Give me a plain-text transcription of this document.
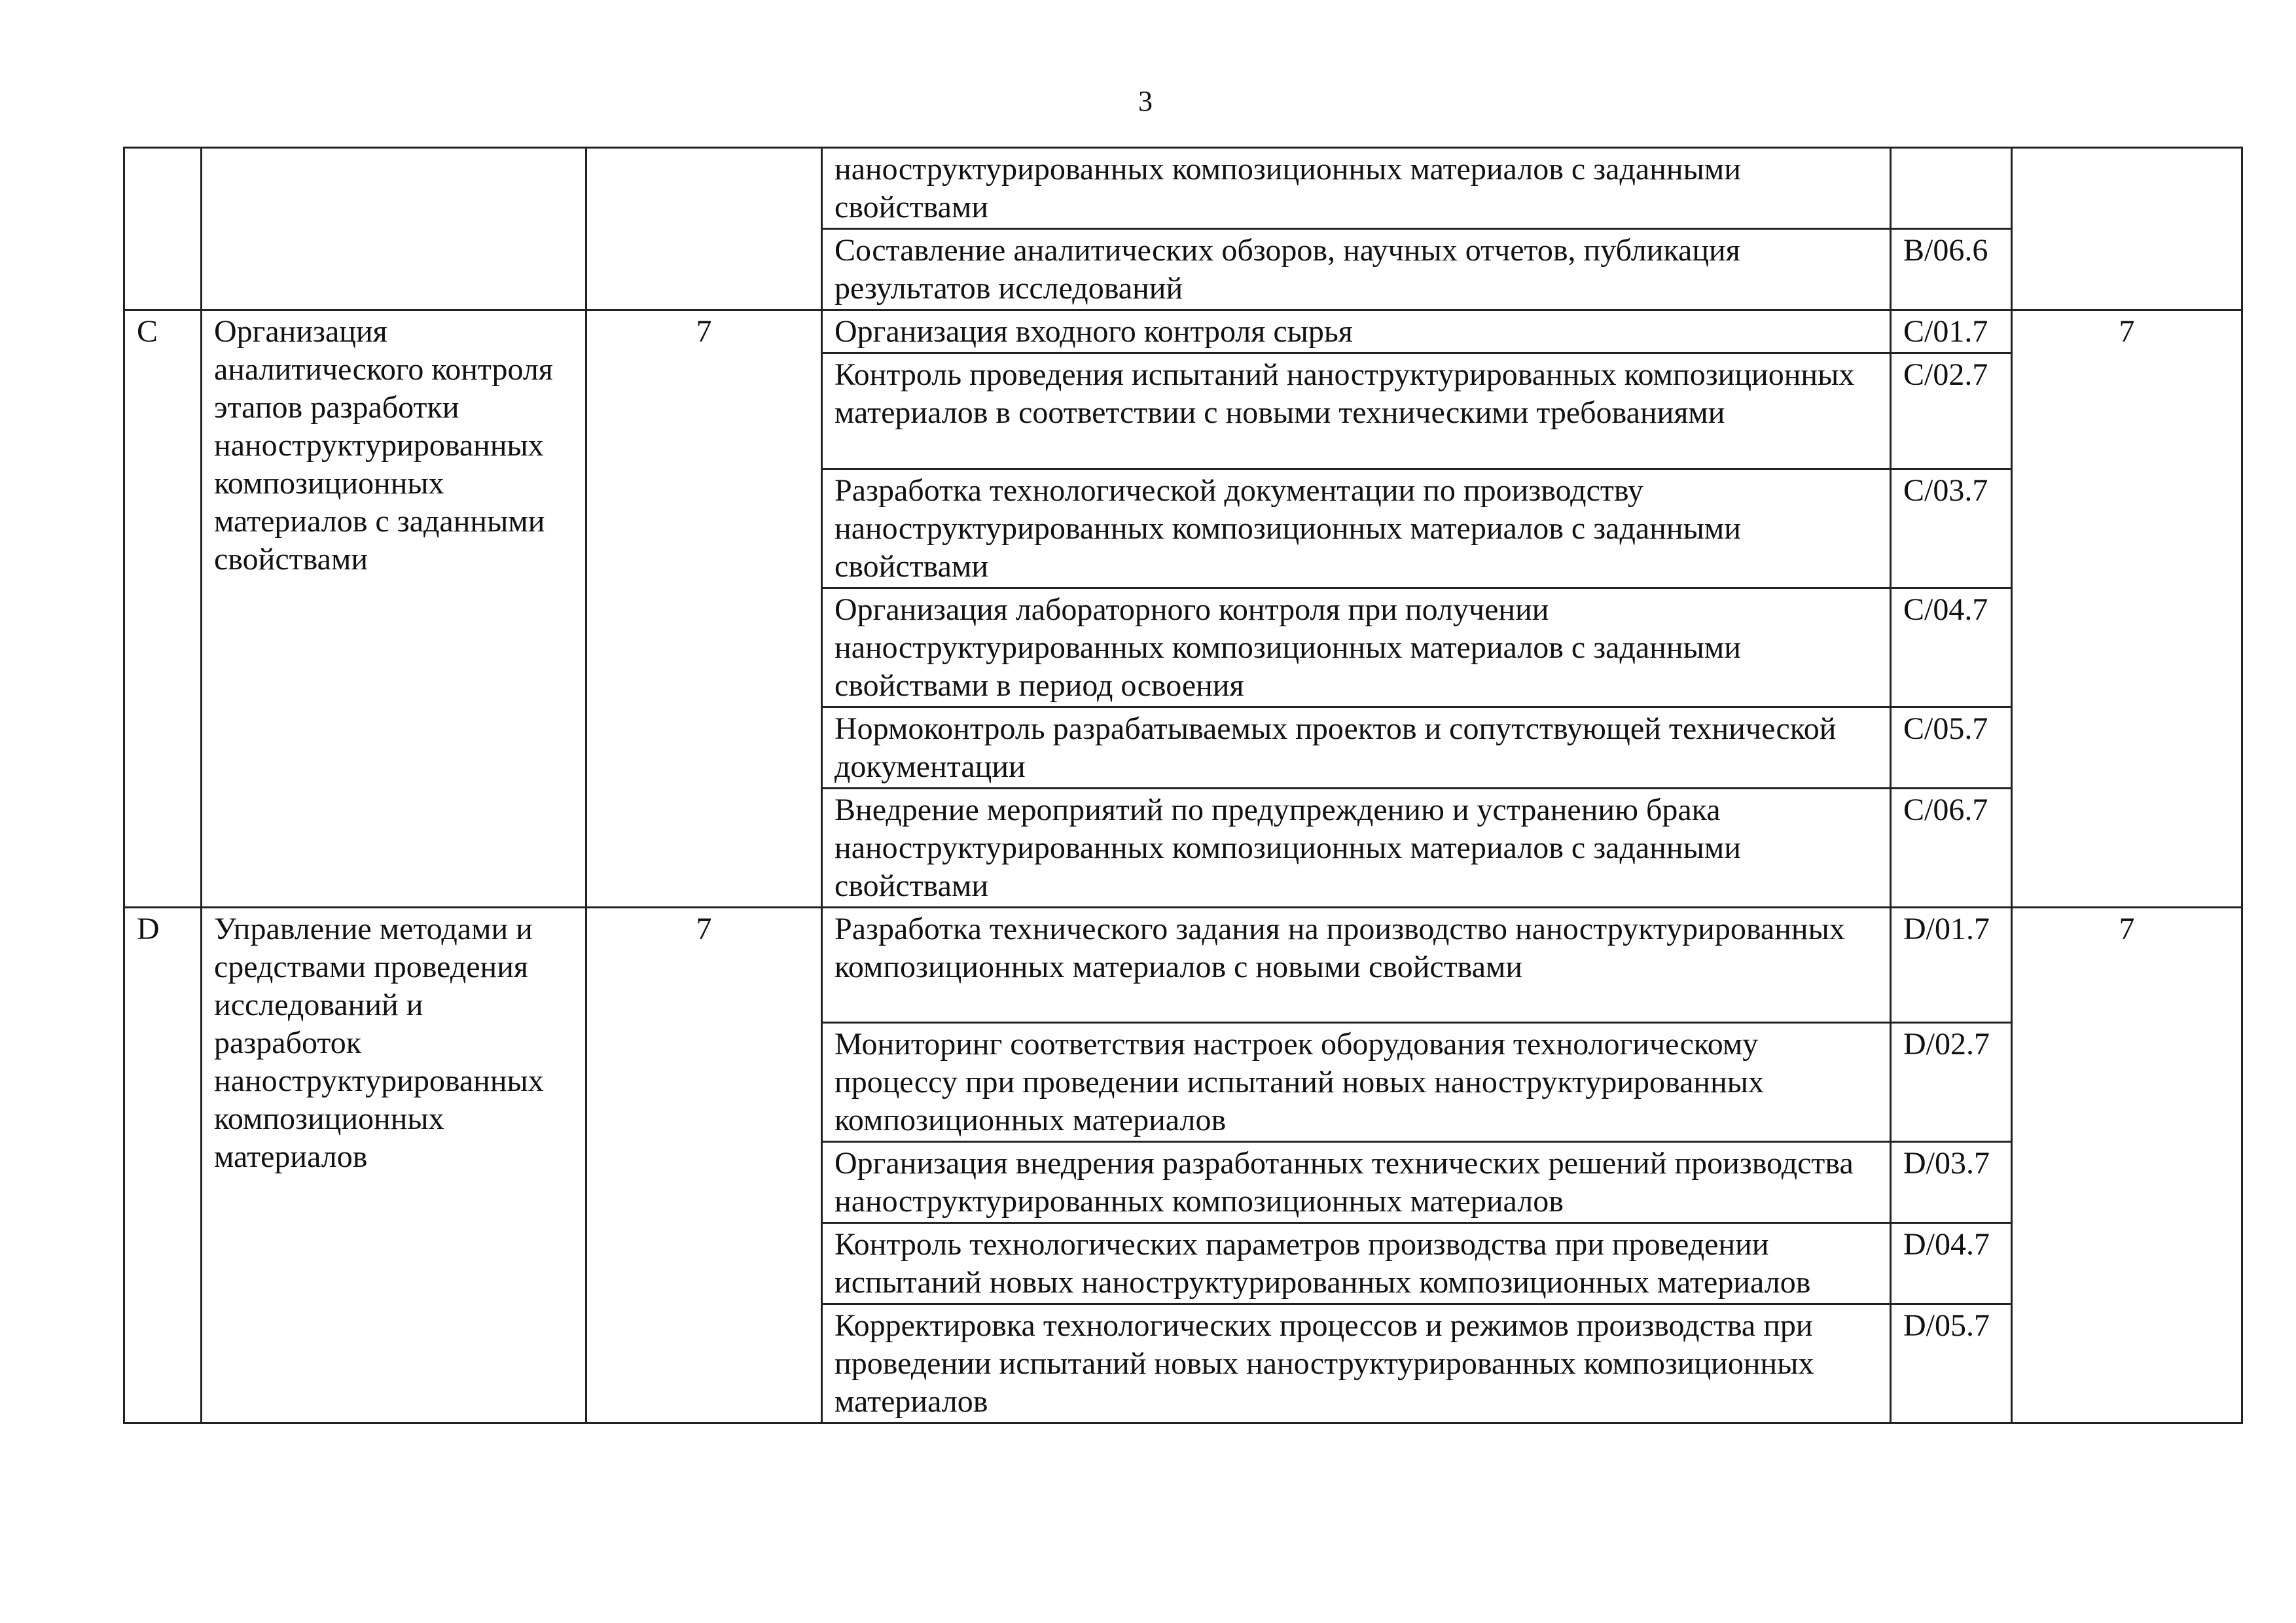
3
			наноструктурированных композиционных материалов с заданными свойствами		
			Составление аналитических обзоров, научных отчетов, публикация результатов исследований	B/06.6	
C	Организация аналитического контроля этапов разработки наноструктурированных композиционных материалов с заданными свойствами	7	Организация входного контроля сырья	C/01.7	7
			Контроль проведения испытаний наноструктурированных композиционных материалов в соответствии с новыми техническими требованиями	C/02.7	
			Разработка технологической документации по производству наноструктурированных композиционных материалов с заданными свойствами	C/03.7	
			Организация лабораторного контроля при получении наноструктурированных композиционных материалов с заданными свойствами в период освоения	C/04.7	
			Нормоконтроль разрабатываемых проектов и сопутствующей технической документации	C/05.7	
			Внедрение мероприятий по предупреждению и устранению брака наноструктурированных композиционных материалов с заданными свойствами	C/06.7	
D	Управление методами и средствами проведения исследований и разработок наноструктурированных композиционных материалов	7	Разработка технического задания на производство наноструктурированных композиционных материалов с новыми свойствами	D/01.7	7
			Мониторинг соответствия настроек оборудования технологическому процессу при проведении испытаний новых наноструктурированных композиционных материалов	D/02.7	
			Организация внедрения разработанных технических решений производства наноструктурированных композиционных материалов	D/03.7	
			Контроль технологических параметров производства при проведении испытаний новых наноструктурированных композиционных материалов	D/04.7	
			Корректировка технологических процессов и режимов производства при проведении испытаний новых наноструктурированных композиционных материалов	D/05.7	
